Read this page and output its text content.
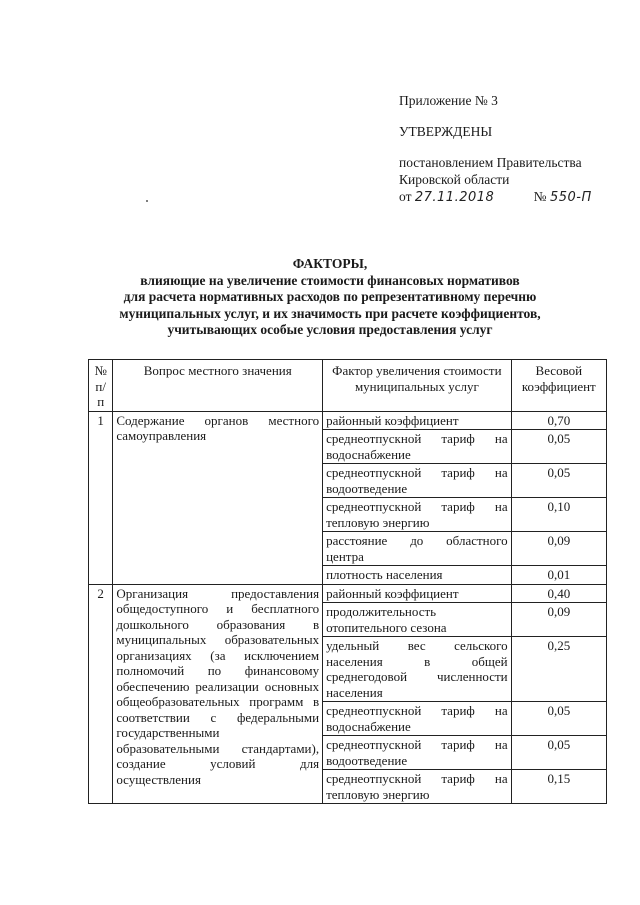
Приложение № 3
УТВЕРЖДЕНЫ
постановлением Правительства
Кировской области
от 27.11.2018	№ 550-П
ФАКТОРЫ,
влияющие на увеличение стоимости финансовых нормативов
для расчета нормативных расходов по репрезентативному перечню
муниципальных услуг, и их значимость при расчете коэффициентов,
учитывающих особые условия предоставления услуг
№ п/п	Вопрос местного значения	Фактор увеличения стоимости муниципальных услуг	Весовой коэффициент
1	Содержание органов местного самоуправления	районный коэффициент	0,70
		среднеотпускной тариф на водоснабжение	0,05
		среднеотпускной тариф на водоотведение	0,05
		среднеотпускной тариф на тепловую энергию	0,10
		расстояние до областного центра	0,09
		плотность населения	0,01
2	Организация предоставления общедоступного и бесплатного дошкольного образования в муниципальных образовательных организациях (за исключением полномочий по финансовому обеспечению реализации основных общеобразовательных программ в соответствии с федеральными государственными образовательными стандартами), создание условий для осуществления	районный коэффициент	0,40
		продолжительность отопительного сезона	0,09
		удельный вес сельского населения в общей среднегодовой численности населения	0,25
		среднеотпускной тариф на водоснабжение	0,05
		среднеотпускной тариф на водоотведение	0,05
		среднеотпускной тариф на тепловую энергию	0,15
